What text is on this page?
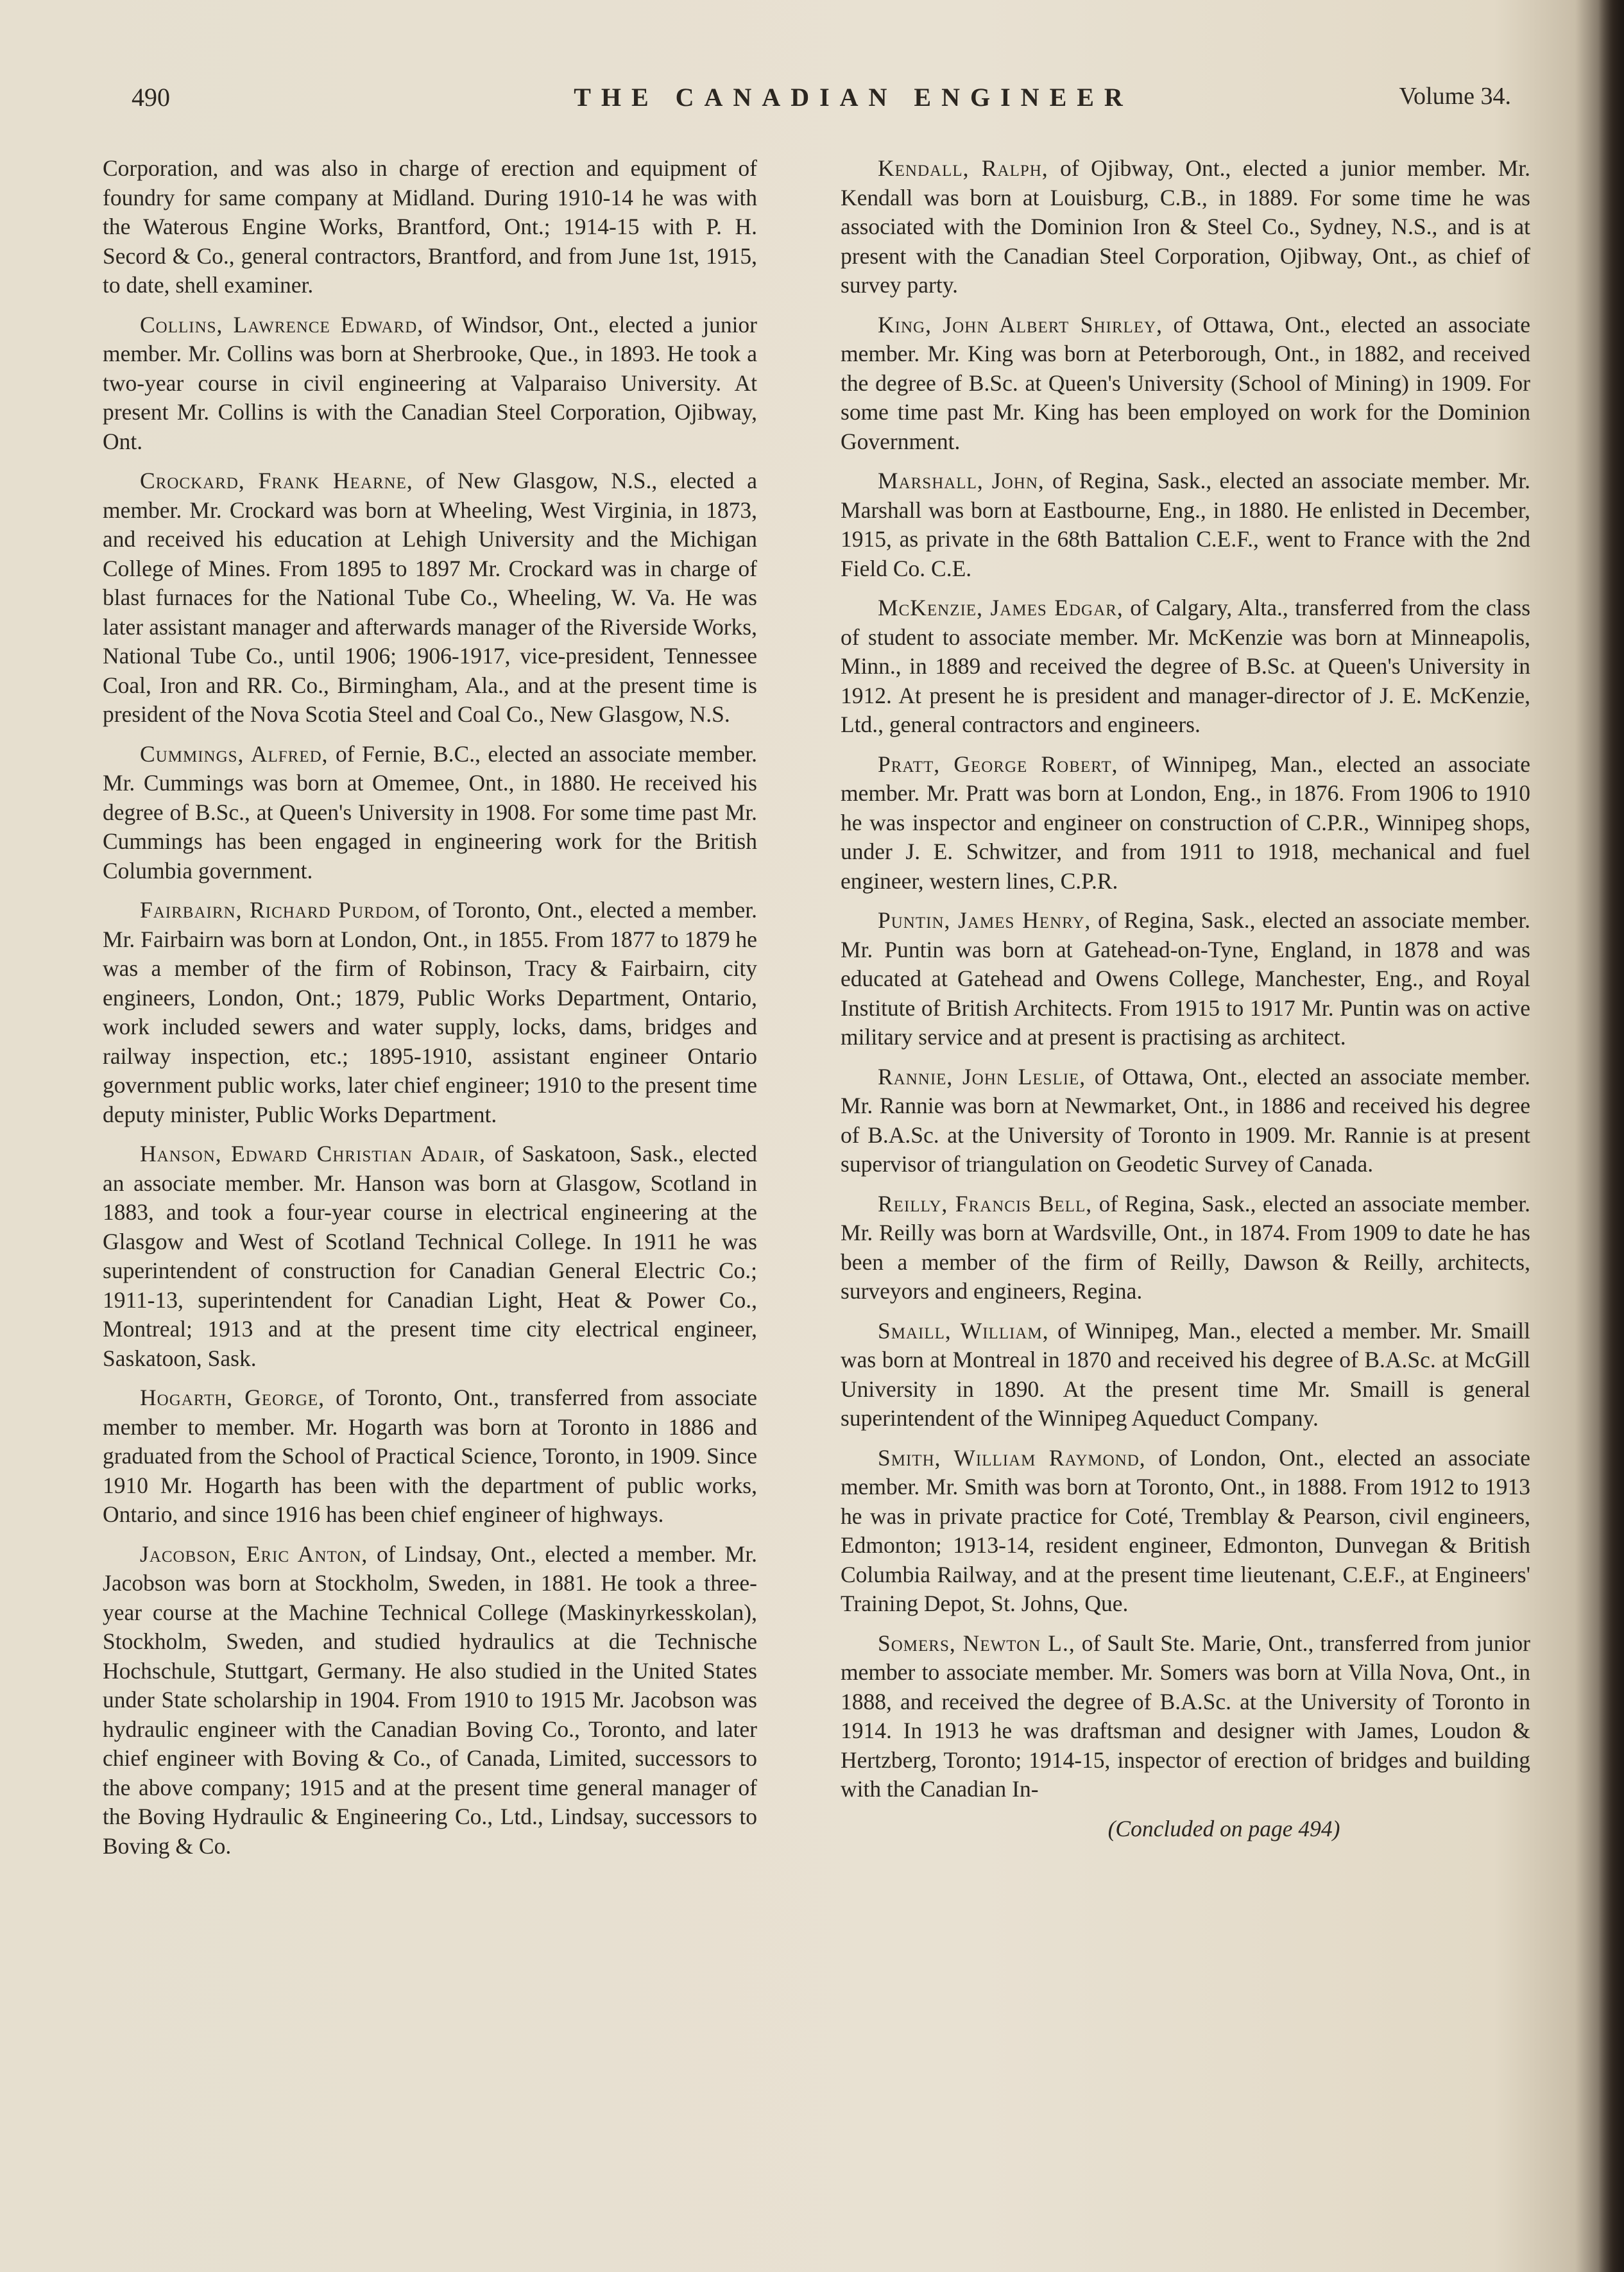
490	THE CANADIAN ENGINEER	Volume 34.
Corporation, and was also in charge of erection and equipment of foundry for same company at Midland. During 1910-14 he was with the Waterous Engine Works, Brantford, Ont.; 1914-15 with P. H. Secord & Co., general contractors, Brantford, and from June 1st, 1915, to date, shell examiner.
Collins, Lawrence Edward, of Windsor, Ont., elected a junior member. Mr. Collins was born at Sherbrooke, Que., in 1893. He took a two-year course in civil engineering at Valparaiso University. At present Mr. Collins is with the Canadian Steel Corporation, Ojibway, Ont.
Crockard, Frank Hearne, of New Glasgow, N.S., elected a member. Mr. Crockard was born at Wheeling, West Virginia, in 1873, and received his education at Lehigh University and the Michigan College of Mines. From 1895 to 1897 Mr. Crockard was in charge of blast furnaces for the National Tube Co., Wheeling, W. Va. He was later assistant manager and afterwards manager of the Riverside Works, National Tube Co., until 1906; 1906-1917, vice-president, Tennessee Coal, Iron and RR. Co., Birmingham, Ala., and at the present time is president of the Nova Scotia Steel and Coal Co., New Glasgow, N.S.
Cummings, Alfred, of Fernie, B.C., elected an associate member. Mr. Cummings was born at Omemee, Ont., in 1880. He received his degree of B.Sc., at Queen's University in 1908. For some time past Mr. Cummings has been engaged in engineering work for the British Columbia government.
Fairbairn, Richard Purdom, of Toronto, Ont., elected a member. Mr. Fairbairn was born at London, Ont., in 1855. From 1877 to 1879 he was a member of the firm of Robinson, Tracy & Fairbairn, city engineers, London, Ont.; 1879, Public Works Department, Ontario, work included sewers and water supply, locks, dams, bridges and railway inspection, etc.; 1895-1910, assistant engineer Ontario government public works, later chief engineer; 1910 to the present time deputy minister, Public Works Department.
Hanson, Edward Christian Adair, of Saskatoon, Sask., elected an associate member. Mr. Hanson was born at Glasgow, Scotland in 1883, and took a four-year course in electrical engineering at the Glasgow and West of Scotland Technical College. In 1911 he was superintendent of construction for Canadian General Electric Co.; 1911-13, superintendent for Canadian Light, Heat & Power Co., Montreal; 1913 and at the present time city electrical engineer, Saskatoon, Sask.
Hogarth, George, of Toronto, Ont., transferred from associate member to member. Mr. Hogarth was born at Toronto in 1886 and graduated from the School of Practical Science, Toronto, in 1909. Since 1910 Mr. Hogarth has been with the department of public works, Ontario, and since 1916 has been chief engineer of highways.
Jacobson, Eric Anton, of Lindsay, Ont., elected a member. Mr. Jacobson was born at Stockholm, Sweden, in 1881. He took a three-year course at the Machine Technical College (Maskinyrkesskolan), Stockholm, Sweden, and studied hydraulics at die Technische Hochschule, Stuttgart, Germany. He also studied in the United States under State scholarship in 1904. From 1910 to 1915 Mr. Jacobson was hydraulic engineer with the Canadian Boving Co., Toronto, and later chief engineer with Boving & Co., of Canada, Limited, successors to the above company; 1915 and at the present time general manager of the Boving Hydraulic & Engineering Co., Ltd., Lindsay, successors to Boving & Co.
Kendall, Ralph, of Ojibway, Ont., elected a junior member. Mr. Kendall was born at Louisburg, C.B., in 1889. For some time he was associated with the Dominion Iron & Steel Co., Sydney, N.S., and is at present with the Canadian Steel Corporation, Ojibway, Ont., as chief of survey party.
King, John Albert Shirley, of Ottawa, Ont., elected an associate member. Mr. King was born at Peterborough, Ont., in 1882, and received the degree of B.Sc. at Queen's University (School of Mining) in 1909. For some time past Mr. King has been employed on work for the Dominion Government.
Marshall, John, of Regina, Sask., elected an associate member. Mr. Marshall was born at Eastbourne, Eng., in 1880. He enlisted in December, 1915, as private in the 68th Battalion C.E.F., went to France with the 2nd Field Co. C.E.
McKenzie, James Edgar, of Calgary, Alta., transferred from the class of student to associate member. Mr. McKenzie was born at Minneapolis, Minn., in 1889 and received the degree of B.Sc. at Queen's University in 1912. At present he is president and manager-director of J. E. McKenzie, Ltd., general contractors and engineers.
Pratt, George Robert, of Winnipeg, Man., elected an associate member. Mr. Pratt was born at London, Eng., in 1876. From 1906 to 1910 he was inspector and engineer on construction of C.P.R., Winnipeg shops, under J. E. Schwitzer, and from 1911 to 1918, mechanical and fuel engineer, western lines, C.P.R.
Puntin, James Henry, of Regina, Sask., elected an associate member. Mr. Puntin was born at Gatehead-on-Tyne, England, in 1878 and was educated at Gatehead and Owens College, Manchester, Eng., and Royal Institute of British Architects. From 1915 to 1917 Mr. Puntin was on active military service and at present is practising as architect.
Rannie, John Leslie, of Ottawa, Ont., elected an associate member. Mr. Rannie was born at Newmarket, Ont., in 1886 and received his degree of B.A.Sc. at the University of Toronto in 1909. Mr. Rannie is at present supervisor of triangulation on Geodetic Survey of Canada.
Reilly, Francis Bell, of Regina, Sask., elected an associate member. Mr. Reilly was born at Wardsville, Ont., in 1874. From 1909 to date he has been a member of the firm of Reilly, Dawson & Reilly, architects, surveyors and engineers, Regina.
Smaill, William, of Winnipeg, Man., elected a member. Mr. Smaill was born at Montreal in 1870 and received his degree of B.A.Sc. at McGill University in 1890. At the present time Mr. Smaill is general superintendent of the Winnipeg Aqueduct Company.
Smith, William Raymond, of London, Ont., elected an associate member. Mr. Smith was born at Toronto, Ont., in 1888. From 1912 to 1913 he was in private practice for Coté, Tremblay & Pearson, civil engineers, Edmonton; 1913-14, resident engineer, Edmonton, Dunvegan & British Columbia Railway, and at the present time lieutenant, C.E.F., at Engineers' Training Depot, St. Johns, Que.
Somers, Newton L., of Sault Ste. Marie, Ont., transferred from junior member to associate member. Mr. Somers was born at Villa Nova, Ont., in 1888, and received the degree of B.A.Sc. at the University of Toronto in 1914. In 1913 he was draftsman and designer with James, Loudon & Hertzberg, Toronto; 1914-15, inspector of erection of bridges and building with the Canadian In-
(Concluded on page 494)
